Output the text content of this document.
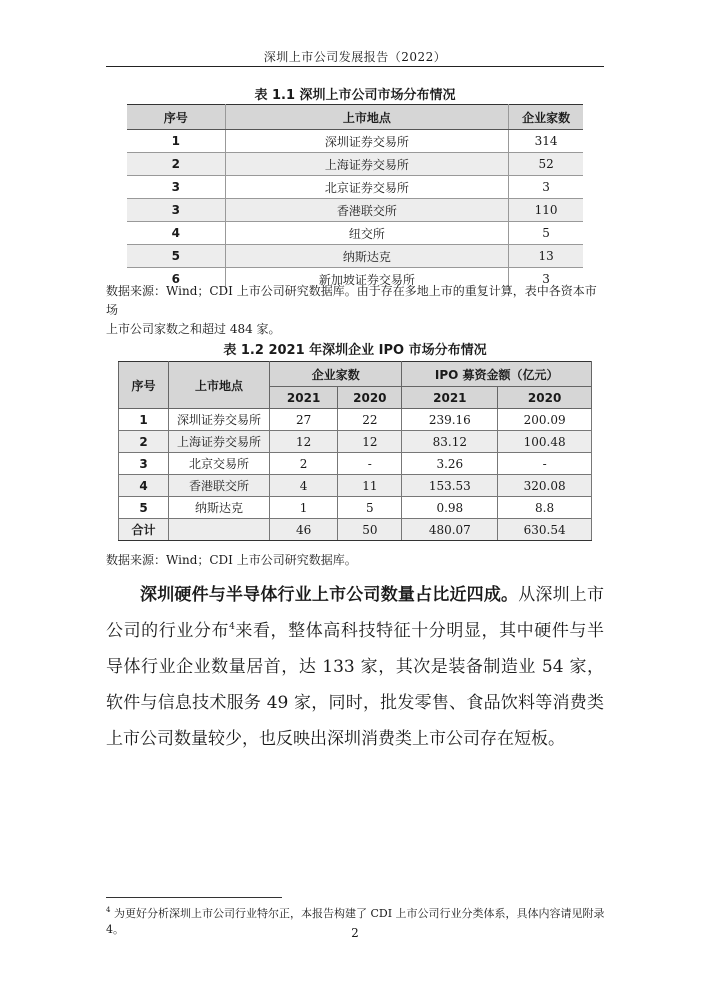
深圳上市公司发展报告（2022）
表 1.1 深圳上市公司市场分布情况
序号	上市地点	企业家数
1	深圳证券交易所	314
2	上海证券交易所	52
3	北京证券交易所	3
3	香港联交所	110
4	纽交所	5
5	纳斯达克	13
6	新加坡证券交易所	3
数据来源：Wind；CDI 上市公司研究数据库。由于存在多地上市的重复计算，表中各资本市场
上市公司家数之和超过 484 家。
表 1.2 2021 年深圳企业 IPO 市场分布情况
序号	上市地点	企业家数		IPO 募资金额（亿元）	
		2021	2020	2021	2020
1	深圳证券交易所	27	22	239.16	200.09
2	上海证券交易所	12	12	83.12	100.48
3	北京交易所	2	-	3.26	-
4	香港联交所	4	11	153.53	320.08
5	纳斯达克	1	5	0.98	8.8
合计		46	50	480.07	630.54
数据来源：Wind；CDI 上市公司研究数据库。

深圳硬件与半导体行业上市公司数量占比近四成。从深圳上市公司的行业分布$^4$来看，整体高科技特征十分明显，其中硬件与半导体行业企业数量居首，达 133 家，其次是装备制造业 54 家，软件与信息技术服务 49 家，同时，批发零售、食品饮料等消费类上市公司数量较少，也反映出深圳消费类上市公司存在短板。

$^4$ 为更好分析深圳上市公司行业特尔正，本报告构建了 CDI 上市公司行业分类体系，具体内容请见附录 4。	2
